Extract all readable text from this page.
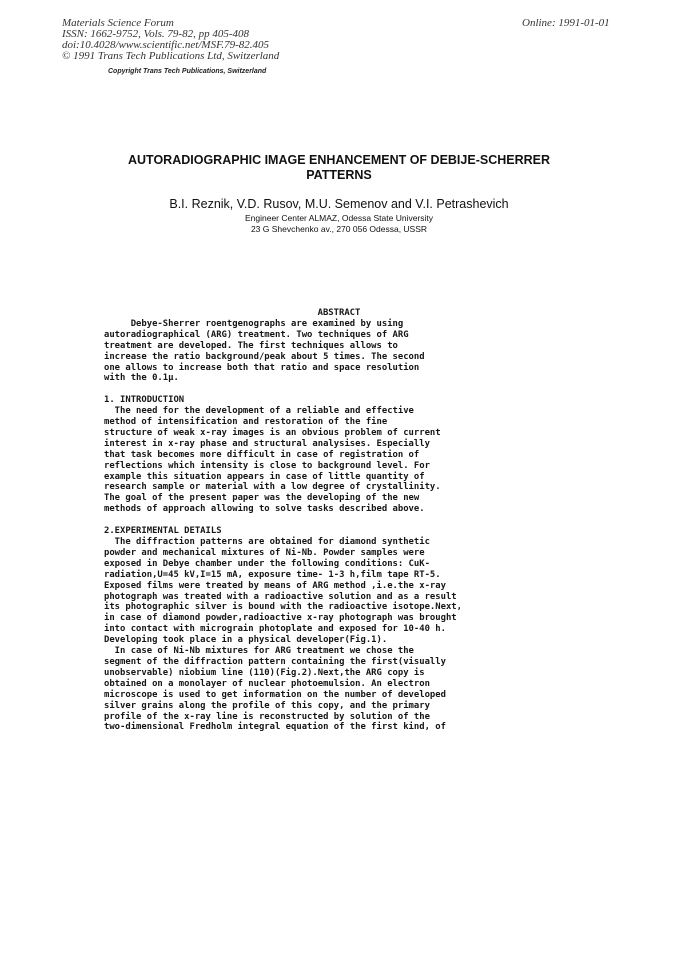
Materials Science Forum
ISSN: 1662-9752, Vols. 79-82, pp 405-408
doi:10.4028/www.scientific.net/MSF.79-82.405
© 1991 Trans Tech Publications Ltd, Switzerland
Online: 1991-01-01
Copyright Trans Tech Publications, Switzerland
AUTORADIOGRAPHIC IMAGE ENHANCEMENT OF DEBIJE-SCHERRER
PATTERNS
B.I. Reznik, V.D. Rusov, M.U. Semenov and V.I. Petrashevich
Engineer Center ALMAZ, Odessa State University
23 G Shevchenko av., 270 056 Odessa, USSR
ABSTRACT
Debye-Sherrer roentgenographs are examined by using
autoradiographical (ARG) treatment. Two techniques of ARG
treatment are developed. The first techniques allows to
increase the ratio background/peak about 5 times. The second
one allows to increase both that ratio and space resolution
with the 0.1μ.
1. INTRODUCTION
The need for the development of a reliable and effective
method of intensification and restoration of the fine
structure of weak x-ray images is an obvious problem of current
interest in x-ray phase and structural analysises. Especially
that task becomes more difficult in case of registration of
reflections which intensity is close to background level. For
example this situation appears in case of little quantity of
research sample or material with a low degree of crystallinity.
The goal of the present paper was the developing of the new
methods of approach allowing to solve tasks described above.
2.EXPERIMENTAL DETAILS
The diffraction patterns are obtained for diamond synthetic
powder and mechanical mixtures of Ni-Nb. Powder samples were
exposed in Debye chamber under the following conditions: CuK-
radiation,U=45 kV,I=15 mA, exposure time- 1-3 h,film tape RT-5.
Exposed films were treated by means of ARG method ,i.e.the x-ray
photograph was treated with a radioactive solution and as a result
its photographic silver is bound with the radioactive isotope.Next,
in case of diamond powder,radioactive x-ray photograph was brought
into contact with micrograin photoplate and exposed for 10-40 h.
Developing took place in a physical developer(Fig.1).
In case of Ni-Nb mixtures for ARG treatment we chose the
segment of the diffraction pattern containing the first(visually
unobservable) niobium line (110)(Fig.2).Next,the ARG copy is
obtained on a monolayer of nuclear photoemulsion. An electron
microscope is used to get information on the number of developed
silver grains along the profile of this copy, and the primary
profile of the x-ray line is reconstructed by solution of the
two-dimensional Fredholm integral equation of the first kind, of
